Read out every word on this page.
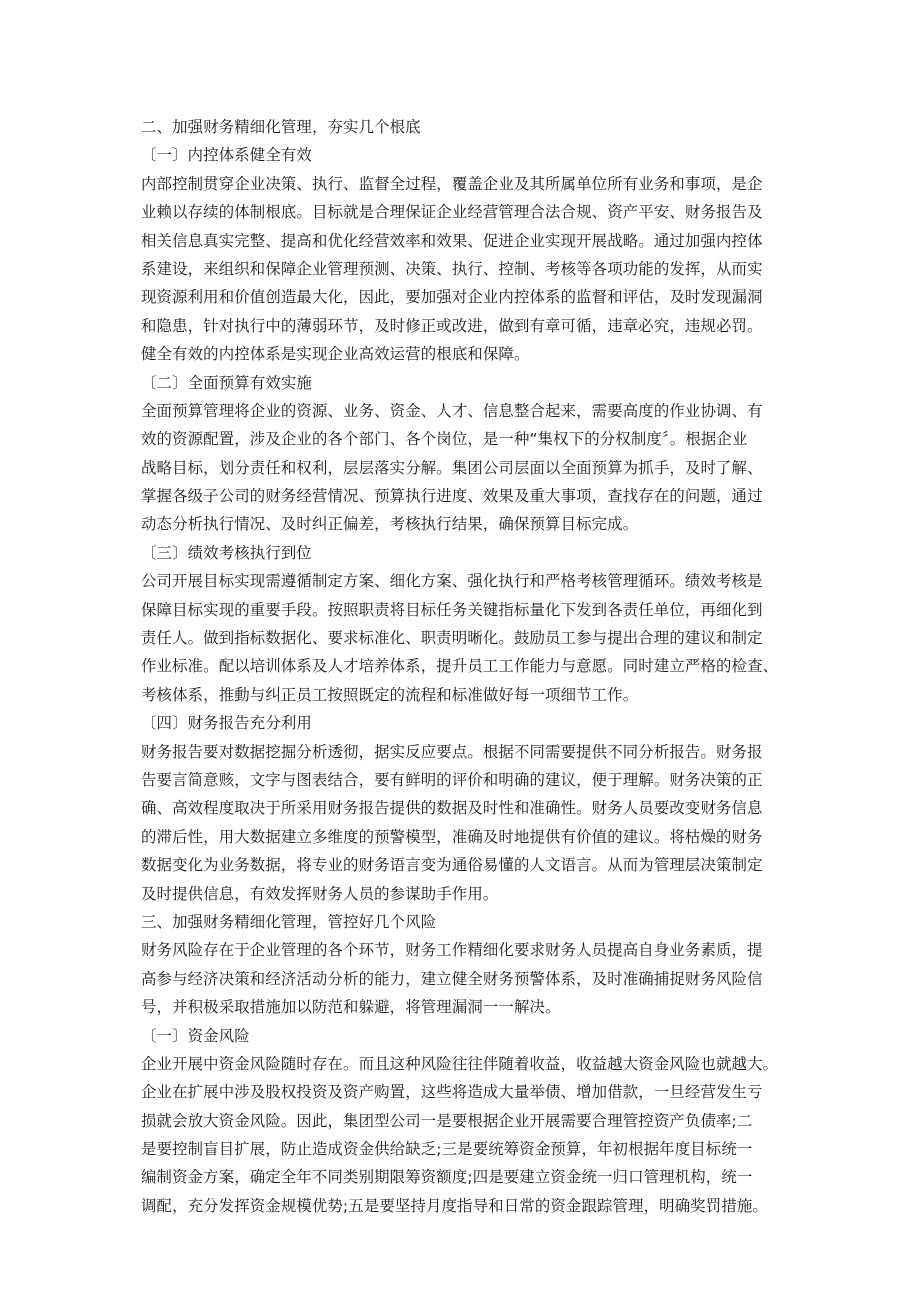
二、加强财务精细化管理，夯实几个根底
〔一〕内控体系健全有效
内部控制贯穿企业决策、执行、监督全过程，覆盖企业及其所属单位所有业务和事项，是企
业赖以存续的体制根底。目标就是合理保证企业经营管理合法合规、资产平安、财务报告及
相关信息真实完整、提高和优化经营效率和效果、促进企业实现开展战略。通过加强内控体
系建设，来组织和保障企业管理预测、决策、执行、控制、考核等各项功能的发挥，从而实
现资源利用和价值创造最大化，因此，要加强对企业内控体系的监督和评估，及时发现漏洞
和隐患，针对执行中的薄弱环节，及时修正或改进，做到有章可循，违章必究，违规必罚。
健全有效的内控体系是实现企业高效运营的根底和保障。
〔二〕全面预算有效实施
全面预算管理将企业的资源、业务、资金、人才、信息整合起来，需要高度的作业协调、有
效的资源配置，涉及企业的各个部门、各个岗位，是一种“集权下的分权制度〞。根据企业
战略目标，划分责任和权利，层层落实分解。集团公司层面以全面预算为抓手，及时了解、
掌握各级子公司的财务经营情况、预算执行进度、效果及重大事项，查找存在的问题，通过
动态分析执行情况、及时纠正偏差，考核执行结果，确保预算目标完成。
〔三〕绩效考核执行到位
公司开展目标实现需遵循制定方案、细化方案、强化执行和严格考核管理循环。绩效考核是
保障目标实现的重要手段。按照职责将目标任务关键指标量化下发到各责任单位，再细化到
责任人。做到指标数据化、要求标准化、职责明晰化。鼓励员工参与提出合理的建议和制定
作业标准。配以培训体系及人才培养体系，提升员工工作能力与意愿。同时建立严格的检查、
考核体系，推動与纠正员工按照既定的流程和标准做好每一项细节工作。
〔四〕财务报告充分利用
财务报告要对数据挖掘分析透彻，据实反应要点。根据不同需要提供不同分析报告。财务报
告要言简意赅，文字与图表结合，要有鲜明的评价和明确的建议，便于理解。财务决策的正
确、高效程度取决于所采用财务报告提供的数据及时性和准确性。财务人员要改变财务信息
的滞后性，用大数据建立多维度的预警模型，准确及时地提供有价值的建议。将枯燥的财务
数据变化为业务数据，将专业的财务语言变为通俗易懂的人文语言。从而为管理层决策制定
及时提供信息，有效发挥财务人员的参谋助手作用。
三、加强财务精细化管理，管控好几个风险
财务风险存在于企业管理的各个环节，财务工作精细化要求财务人员提高自身业务素质，提
高参与经济决策和经济活动分析的能力，建立健全财务预警体系，及时准确捕捉财务风险信
号，并积极采取措施加以防范和躲避，将管理漏洞一一解决。
〔一〕资金风险
企业开展中资金风险随时存在。而且这种风险往往伴随着收益，收益越大资金风险也就越大。
企业在扩展中涉及股权投资及资产购置，这些将造成大量举债、增加借款，一旦经营发生亏
损就会放大资金风险。因此，集团型公司一是要根据企业开展需要合理管控资产负债率;二
是要控制盲目扩展，防止造成资金供给缺乏;三是要统筹资金预算，年初根据年度目标统一
编制资金方案，确定全年不同类别期限筹资额度;四是要建立资金统一归口管理机构，统一
调配，充分发挥资金规模优势;五是要坚持月度指导和日常的资金跟踪管理，明确奖罚措施。
